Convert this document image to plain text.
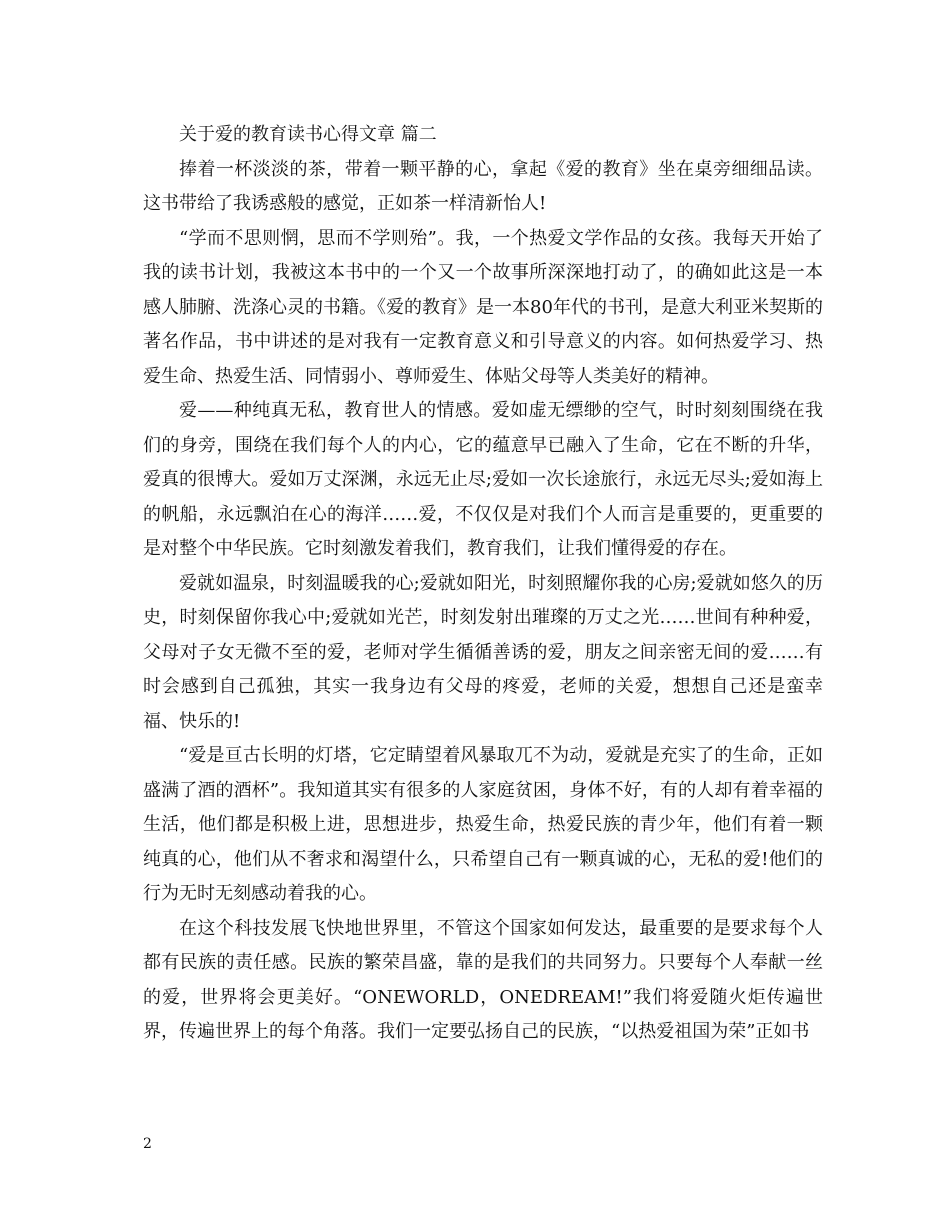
关于爱的教育读书心得文章 篇二

捧着一杯淡淡的茶，带着一颗平静的心，拿起《爱的教育》坐在桌旁细细品读。这书带给了我诱惑般的感觉，正如茶一样清新怡人!

“学而不思则惘，思而不学则殆”。我，一个热爱文学作品的女孩。我每天开始了我的读书计划，我被这本书中的一个又一个故事所深深地打动了，的确如此这是一本感人肺腑、洗涤心灵的书籍。《爱的教育》是一本80年代的书刊，是意大利亚米契斯的著名作品，书中讲述的是对我有一定教育意义和引导意义的内容。如何热爱学习、热爱生命、热爱生活、同情弱小、尊师爱生、体贴父母等人类美好的精神。

爱——种纯真无私，教育世人的情感。爱如虚无缥缈的空气，时时刻刻围绕在我们的身旁，围绕在我们每个人的内心，它的蕴意早已融入了生命，它在不断的升华，爱真的很博大。爱如万丈深渊，永远无止尽;爱如一次长途旅行，永远无尽头;爱如海上的帆船，永远飘泊在心的海洋……爱，不仅仅是对我们个人而言是重要的，更重要的是对整个中华民族。它时刻激发着我们，教育我们，让我们懂得爱的存在。

爱就如温泉，时刻温暖我的心;爱就如阳光，时刻照耀你我的心房;爱就如悠久的历史，时刻保留你我心中;爱就如光芒，时刻发射出璀璨的万丈之光……世间有种种爱，父母对子女无微不至的爱，老师对学生循循善诱的爱，朋友之间亲密无间的爱……有时会感到自己孤独，其实一我身边有父母的疼爱，老师的关爱，想想自己还是蛮幸福、快乐的!

“爱是亘古长明的灯塔，它定睛望着风暴取兀不为动，爱就是充实了的生命，正如盛满了酒的酒杯”。我知道其实有很多的人家庭贫困，身体不好，有的人却有着幸福的生活，他们都是积极上进，思想进步，热爱生命，热爱民族的青少年，他们有着一颗纯真的心，他们从不奢求和渴望什么，只希望自己有一颗真诚的心，无私的爱!他们的行为无时无刻感动着我的心。

在这个科技发展飞快地世界里，不管这个国家如何发达，最重要的是要求每个人都有民族的责任感。民族的繁荣昌盛，靠的是我们的共同努力。只要每个人奉献一丝的爱，世界将会更美好。“ONEWORLD，ONEDREAM!”我们将爱随火炬传遍世界，传遍世界上的每个角落。我们一定要弘扬自己的民族，“以热爱祖国为荣”正如书

2
